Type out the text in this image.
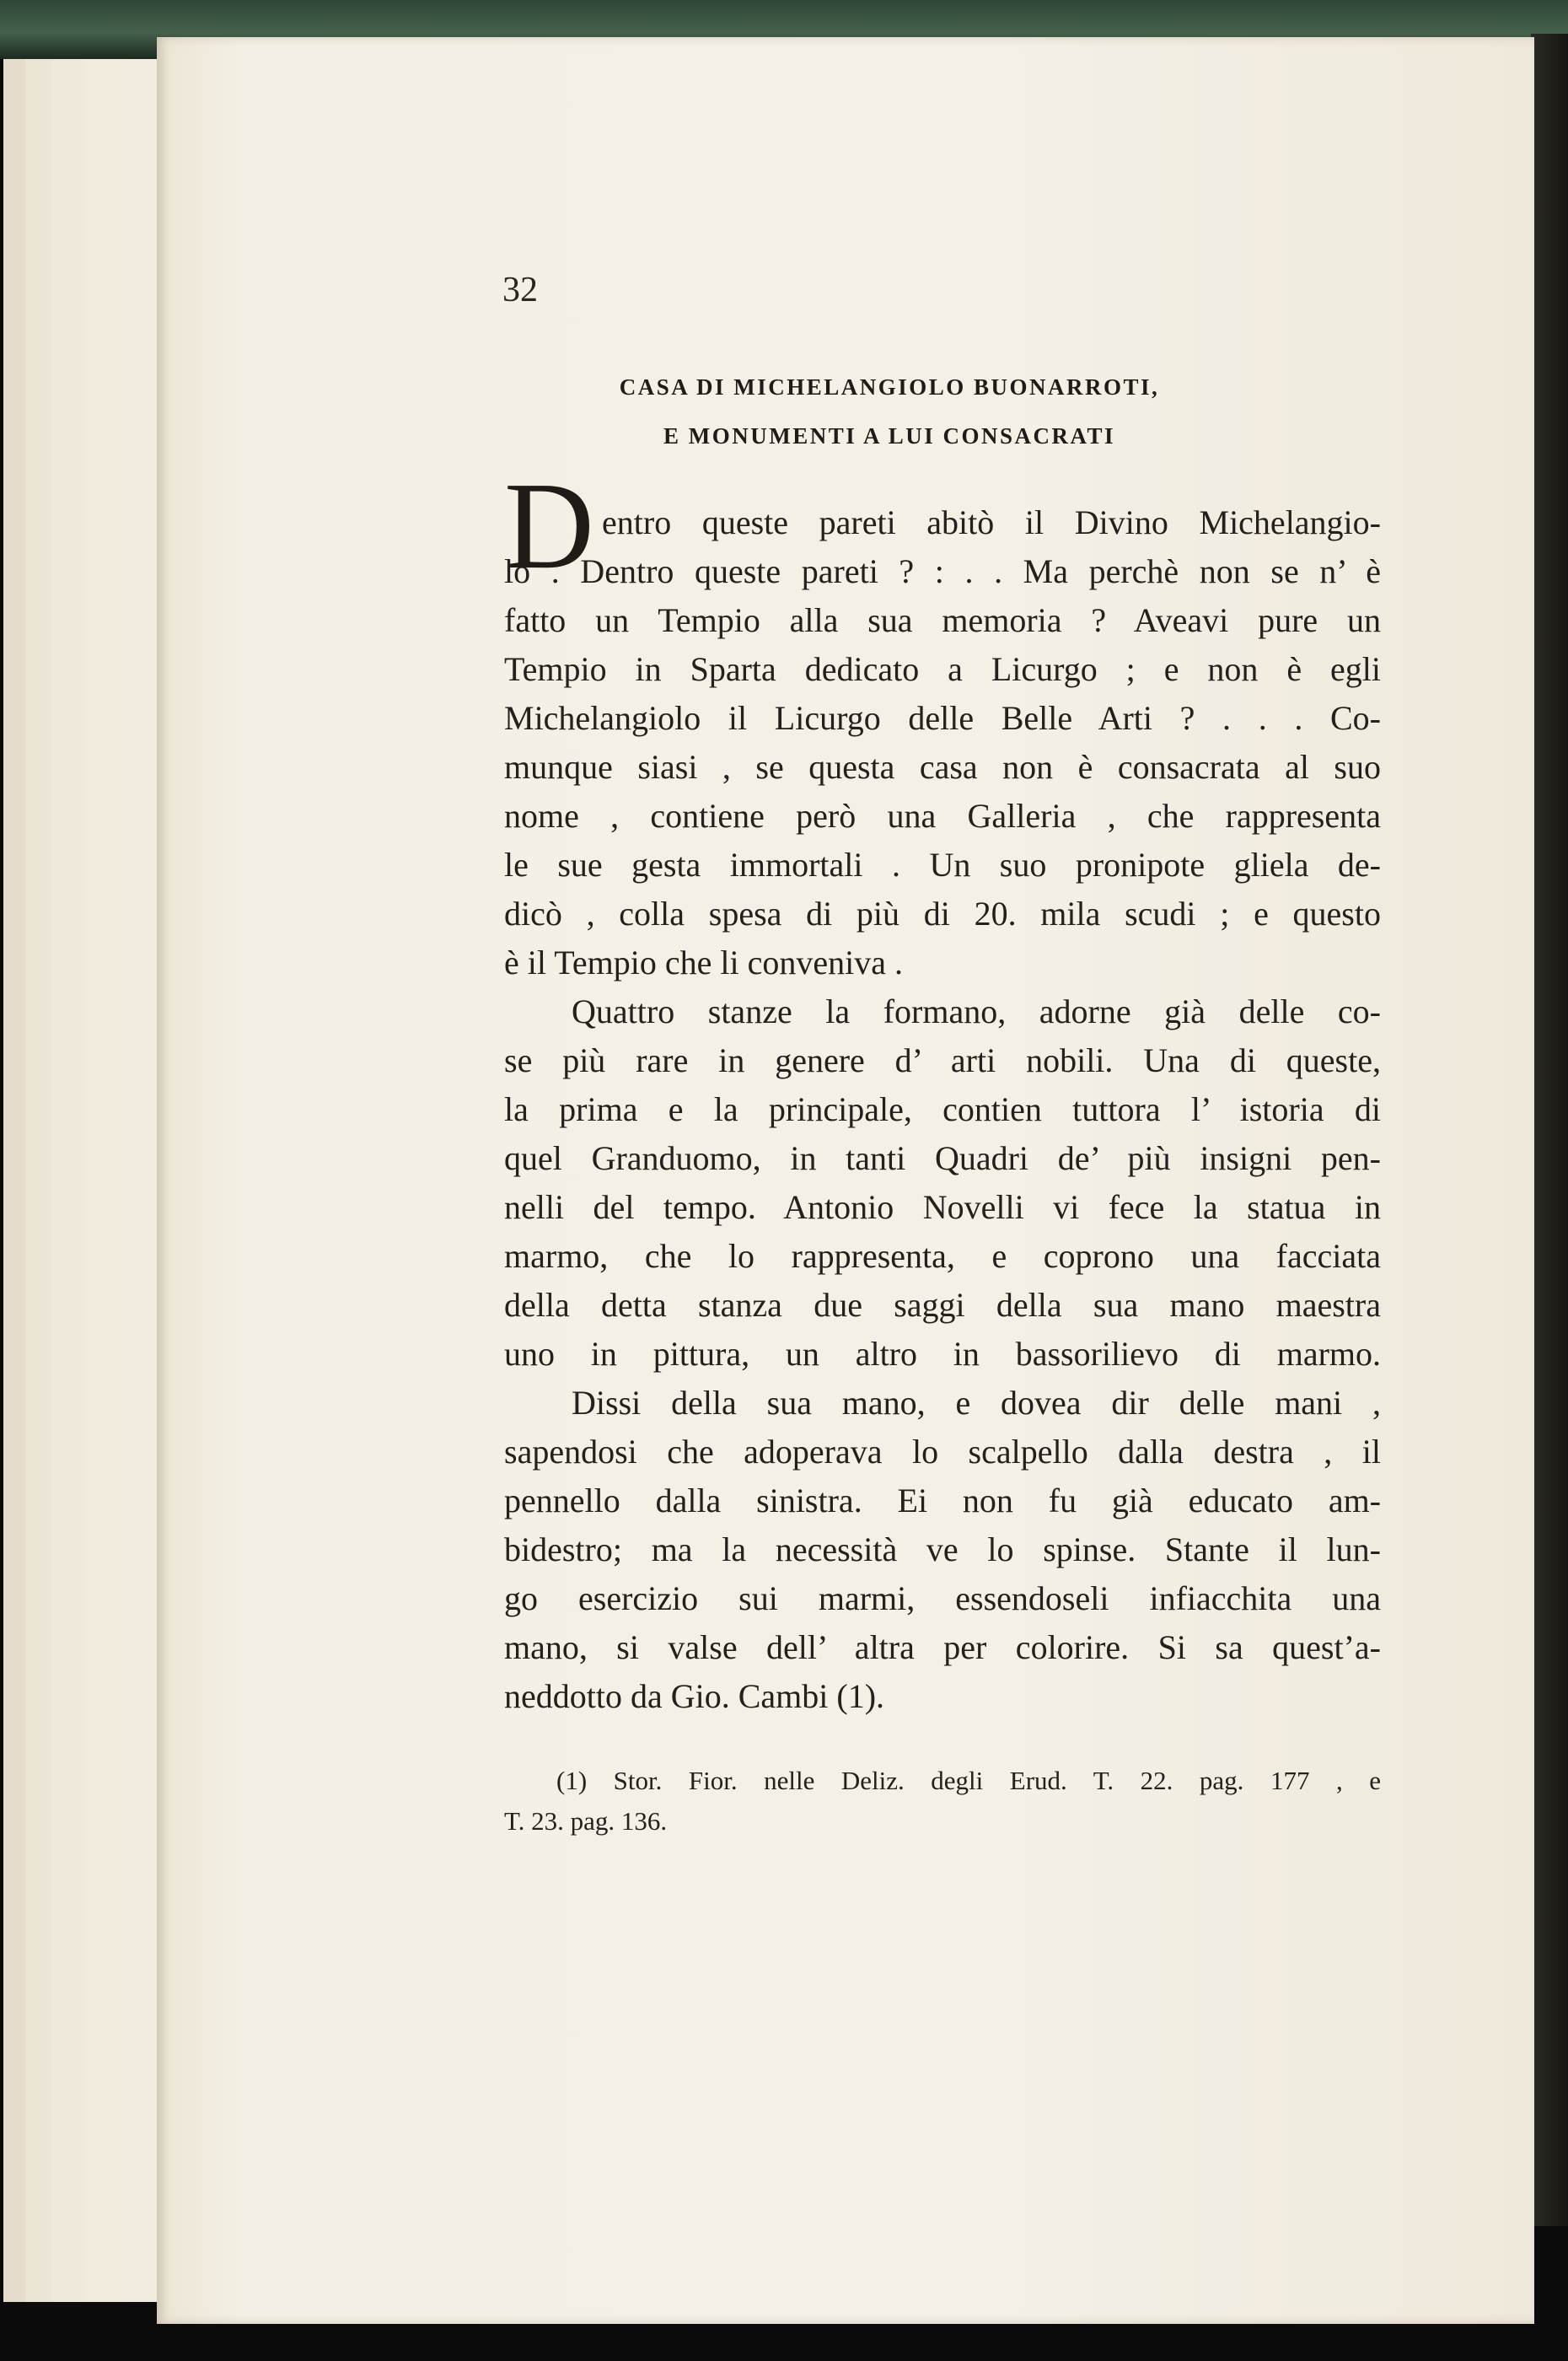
32
CASA DI MICHELANGIOLO BUONARROTI,
E MONUMENTI A LUI CONSACRATI
D entro queste pareti abitò il Divino Michelangio-
lo . Dentro queste pareti ? : . . Ma perchè non se n’ è
fatto un Tempio alla sua memoria ? Aveavi pure un
Tempio in Sparta dedicato a Licurgo ; e non è egli
Michelangiolo il Licurgo delle Belle Arti ? . . . Co-
munque siasi , se questa casa non è consacrata al suo
nome , contiene però una Galleria , che rappresenta
le sue gesta immortali . Un suo pronipote gliela de-
dicò , colla spesa di più di 20. mila scudi ; e questo
è il Tempio che li conveniva .
Quattro stanze la formano, adorne già delle co-
se più rare in genere d’ arti nobili. Una di queste,
la prima e la principale, contien tuttora l’ istoria di
quel Granduomo, in tanti Quadri de’ più insigni pen-
nelli del tempo. Antonio Novelli vi fece la statua in
marmo, che lo rappresenta, e coprono una facciata
della detta stanza due saggi della sua mano maestra
uno in pittura, un altro in bassorilievo di marmo.
Dissi della sua mano, e dovea dir delle mani ,
sapendosi che adoperava lo scalpello dalla destra , il
pennello dalla sinistra. Ei non fu già educato am-
bidestro; ma la necessità ve lo spinse. Stante il lun-
go esercizio sui marmi, essendoseli infiacchita una
mano, si valse dell’ altra per colorire. Si sa quest’a-
neddotto da Gio. Cambi (1).
(1) Stor. Fior. nelle Deliz. degli Erud. T. 22. pag. 177 , e
T. 23. pag. 136.
